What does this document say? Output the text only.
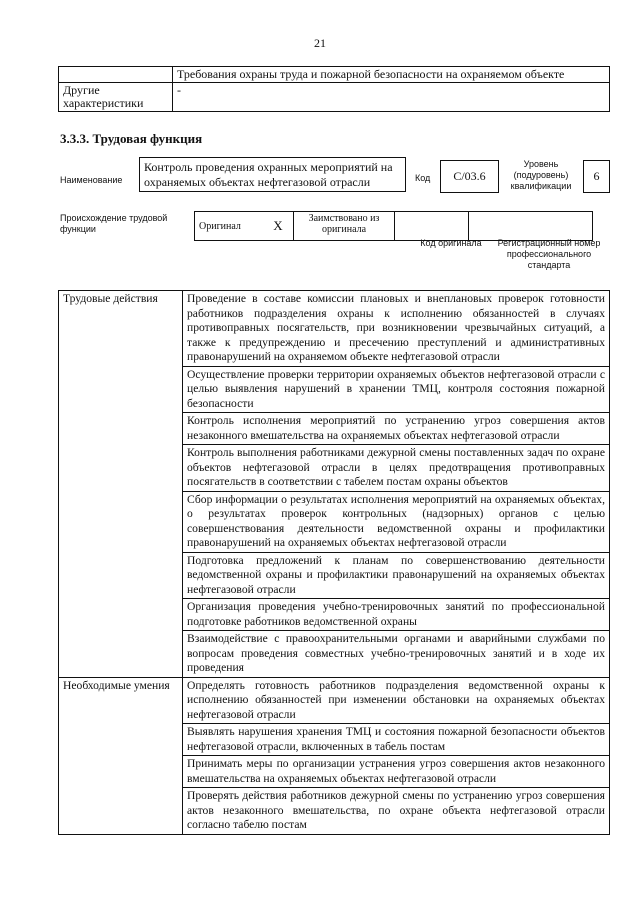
21
	Требования охраны труда и пожарной безопасности на охраняемом объекте
Другие характеристики	-
3.3.3. Трудовая функция
Наименование
Контроль проведения охранных мероприятий на охраняемых объектах нефтегазовой отрасли	Код	С/03.6
Уровень (подуровень) квалификации
6
Происхождение трудовой функции	Оригинал	X	Заимствовано из оригинала		
Код оригинала	Регистрационный номер профессионального стандарта
Трудовые действия	Проведение в составе комиссии плановых и внеплановых проверок готовности работников подразделения охраны к исполнению обязанностей в случаях противоправных посягательств, при возникновении чрезвычайных ситуаций, а также к предупреждению и пресечению преступлений и административных правонарушений на охраняемом объекте нефтегазовой отрасли
	Осуществление проверки территории охраняемых объектов нефтегазовой отрасли с целью выявления нарушений в хранении ТМЦ, контроля состояния пожарной безопасности
	Контроль исполнения мероприятий по устранению угроз совершения актов незаконного вмешательства на охраняемых объектах нефтегазовой отрасли
	Контроль выполнения работниками дежурной смены поставленных задач по охране объектов нефтегазовой отрасли в целях предотвращения противоправных посягательств в соответствии с табелем постам охраны объектов
	Сбор информации о результатах исполнения мероприятий на охраняемых объектах, о результатах проверок контрольных (надзорных) органов с целью совершенствования деятельности ведомственной охраны и профилактики правонарушений на охраняемых объектах нефтегазовой отрасли
	Подготовка предложений к планам по совершенствованию деятельности ведомственной охраны и профилактики правонарушений на охраняемых объектах нефтегазовой отрасли
	Организация проведения учебно-тренировочных занятий по профессиональной подготовке работников ведомственной охраны
	Взаимодействие с правоохранительными органами и аварийными службами по вопросам проведения совместных учебно-тренировочных занятий и в ходе их проведения
Необходимые умения	Определять готовность работников подразделения ведомственной охраны к исполнению обязанностей при изменении обстановки на охраняемых объектах нефтегазовой отрасли
	Выявлять нарушения хранения ТМЦ и состояния пожарной безопасности объектов нефтегазовой отрасли, включенных в табель постам
	Принимать меры по организации устранения угроз совершения актов незаконного вмешательства на охраняемых объектах нефтегазовой отрасли
	Проверять действия работников дежурной смены по устранению угроз совершения актов незаконного вмешательства, по охране объекта нефтегазовой отрасли согласно табелю постам
